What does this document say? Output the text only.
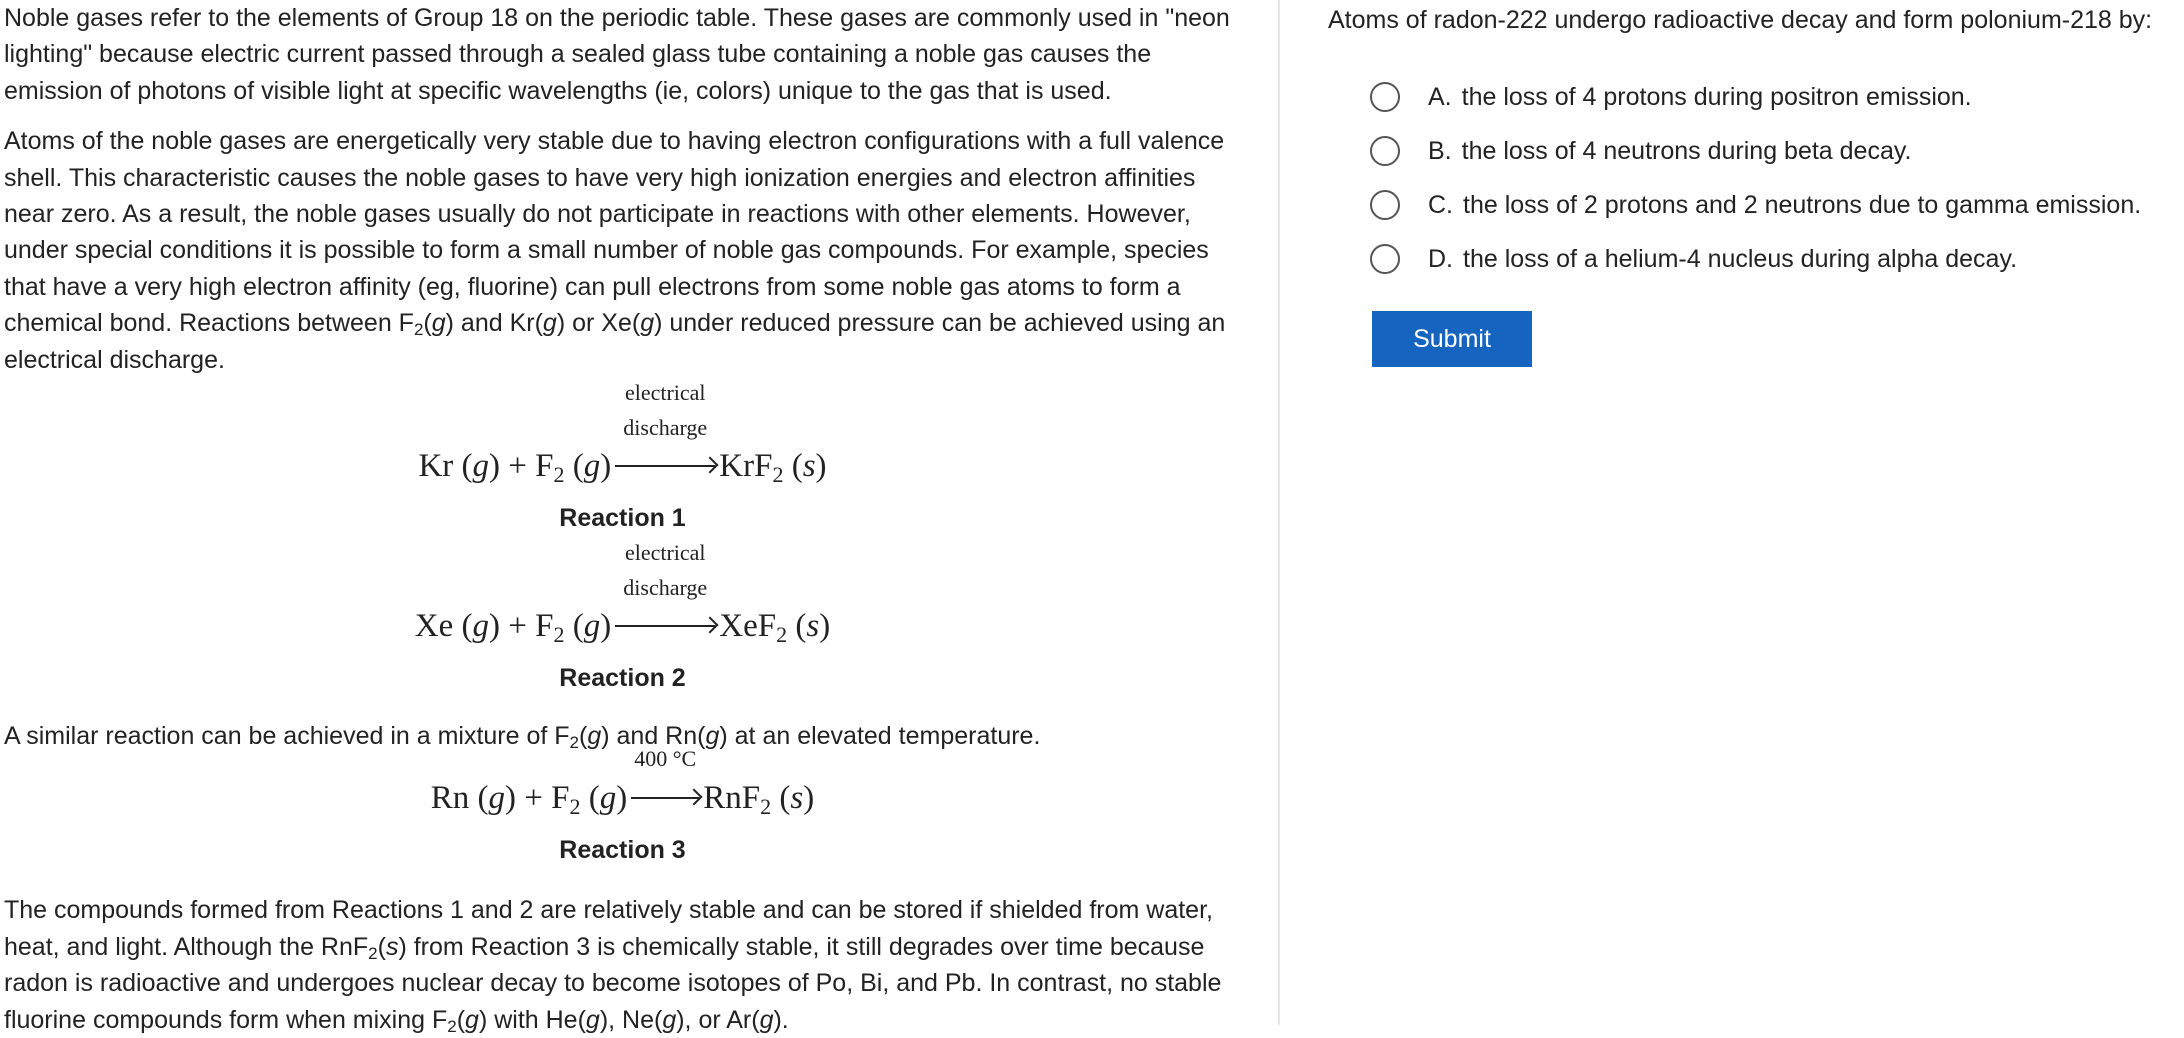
Noble gases refer to the elements of Group 18 on the periodic table. These gases are commonly used in "neon lighting" because electric current passed through a sealed glass tube containing a noble gas causes the emission of photons of visible light at specific wavelengths (ie, colors) unique to the gas that is used.

Atoms of the noble gases are energetically very stable due to having electron configurations with a full valence shell. This characteristic causes the noble gases to have very high ionization energies and electron affinities near zero. As a result, the noble gases usually do not participate in reactions with other elements. However, under special conditions it is possible to form a small number of noble gas compounds. For example, species that have a very high electron affinity (eg, fluorine) can pull electrons from some noble gas atoms to form a chemical bond. Reactions between $F_2(g)$ and Kr(g) or Xe(g) under reduced pressure can be achieved using an electrical discharge.

Kr $(g) + F_2$ (g)
electrical
discharge
KrF$_2$ (s)
Reaction 1
Xe $(g) + F_2$ (g)
electrical
discharge
XeF$_2$ (s)
Reaction 2

A similar reaction can be achieved in a mixture of $F_2(g)$ and Rn(g) at an elevated temperature.

Rn $(g) + F_2$ (g)
400 °C
RnF$_2$ (s)
Reaction 3

The compounds formed from Reactions 1 and 2 are relatively stable and can be stored if shielded from water, heat, and light. Although the RnF$_2$(s) from Reaction 3 is chemically stable, it still degrades over time because radon is radioactive and undergoes nuclear decay to become isotopes of Po, Bi, and Pb. In contrast, no stable fluorine compounds form when mixing $F_2(g)$ with He(g), Ne(g), or Ar(g).

Atoms of radon-222 undergo radioactive decay and form polonium-218 by:
A. the loss of 4 protons during positron emission.
B. the loss of 4 neutrons during beta decay.
C. the loss of 2 protons and 2 neutrons due to gamma emission.
D. the loss of a helium-4 nucleus during alpha decay.
Submit
